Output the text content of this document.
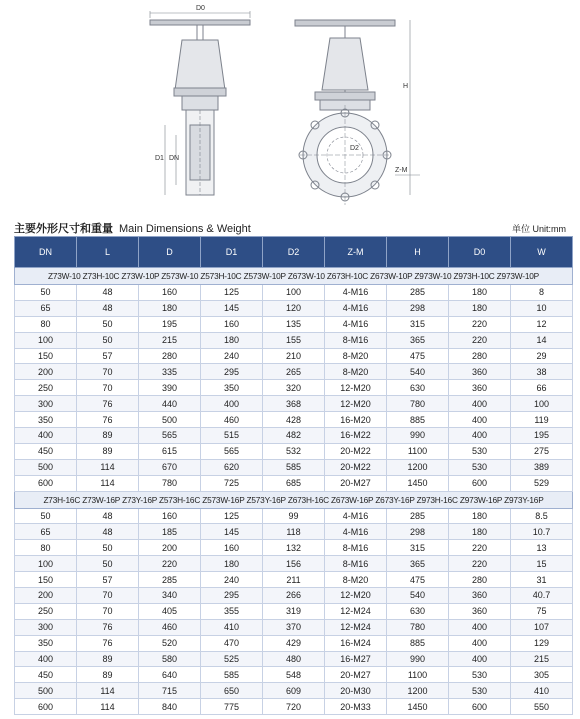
D0
D1 DN
H
D2
Z-M
主要外形尺寸和重量 Main Dimensions & Weight	单位 Unit:mm
DN	L	D	D1	D2	Z-M	H	D0	W
Z73W-10 Z73H-10C Z73W-10P Z573W-10 Z573H-10C Z573W-10P Z673W-10 Z673H-10C Z673W-10P Z973W-10 Z973H-10C Z973W-10P								
50	48	160	125	100	4-M16	285	180	8
65	48	180	145	120	4-M16	298	180	10
80	50	195	160	135	4-M16	315	220	12
100	50	215	180	155	8-M16	365	220	14
150	57	280	240	210	8-M20	475	280	29
200	70	335	295	265	8-M20	540	360	38
250	70	390	350	320	12-M20	630	360	66
300	76	440	400	368	12-M20	780	400	100
350	76	500	460	428	16-M20	885	400	119
400	89	565	515	482	16-M22	990	400	195
450	89	615	565	532	20-M22	1100	530	275
500	114	670	620	585	20-M22	1200	530	389
600	114	780	725	685	20-M27	1450	600	529
Z73H-16C Z73W-16P Z73Y-16P Z573H-16C Z573W-16P Z573Y-16P Z673H-16C Z673W-16P Z673Y-16P Z973H-16C Z973W-16P Z973Y-16P								
50	48	160	125	99	4-M16	285	180	8.5
65	48	185	145	118	4-M16	298	180	10.7
80	50	200	160	132	8-M16	315	220	13
100	50	220	180	156	8-M16	365	220	15
150	57	285	240	211	8-M20	475	280	31
200	70	340	295	266	12-M20	540	360	40.7
250	70	405	355	319	12-M24	630	360	75
300	76	460	410	370	12-M24	780	400	107
350	76	520	470	429	16-M24	885	400	129
400	89	580	525	480	16-M27	990	400	215
450	89	640	585	548	20-M27	1100	530	305
500	114	715	650	609	20-M30	1200	530	410
600	114	840	775	720	20-M33	1450	600	550
